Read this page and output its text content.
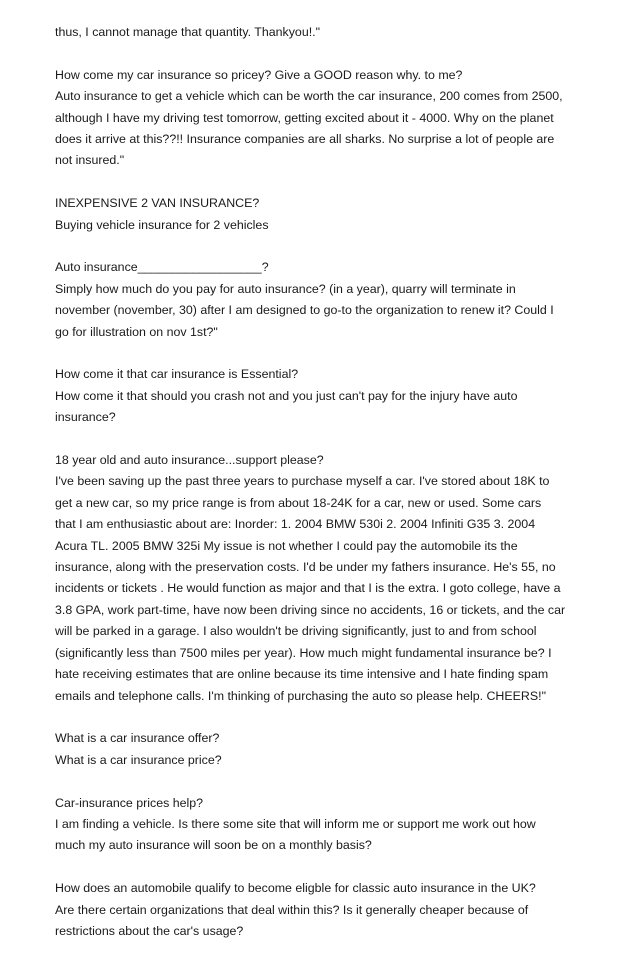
thus, I cannot manage that quantity. Thankyou!."
How come my car insurance so pricey? Give a GOOD reason why. to me?
Auto insurance to get a vehicle which can be worth the car insurance, 200 comes from 2500,
although I have my driving test tomorrow, getting excited about it - 4000. Why on the planet
does it arrive at this??!! Insurance companies are all sharks. No surprise a lot of people are
not insured."
INEXPENSIVE 2 VAN INSURANCE?
Buying vehicle insurance for 2 vehicles
Auto insurance__________________?
Simply how much do you pay for auto insurance? (in a year), quarry will terminate in
november (november, 30) after I am designed to go-to the organization to renew it? Could I
go for illustration on nov 1st?"
How come it that car insurance is Essential?
How come it that should you crash not and you just can't pay for the injury have auto
insurance?
18 year old and auto insurance...support please?
I've been saving up the past three years to purchase myself a car. I've stored about 18K to
get a new car, so my price range is from about 18-24K for a car, new or used. Some cars
that I am enthusiastic about are: Inorder: 1. 2004 BMW 530i 2. 2004 Infiniti G35 3. 2004
Acura TL. 2005 BMW 325i My issue is not whether I could pay the automobile its the
insurance, along with the preservation costs. I'd be under my fathers insurance. He's 55, no
incidents or tickets . He would function as major and that I is the extra. I goto college, have a
3.8 GPA, work part-time, have now been driving since no accidents, 16 or tickets, and the car
will be parked in a garage. I also wouldn't be driving significantly, just to and from school
(significantly less than 7500 miles per year). How much might fundamental insurance be? I
hate receiving estimates that are online because its time intensive and I hate finding spam
emails and telephone calls. I'm thinking of purchasing the auto so please help. CHEERS!"
What is a car insurance offer?
What is a car insurance price?
Car-insurance prices help?
I am finding a vehicle. Is there some site that will inform me or support me work out how
much my auto insurance will soon be on a monthly basis?
How does an automobile qualify to become eligble for classic auto insurance in the UK?
Are there certain organizations that deal within this? Is it generally cheaper because of
restrictions about the car's usage?
